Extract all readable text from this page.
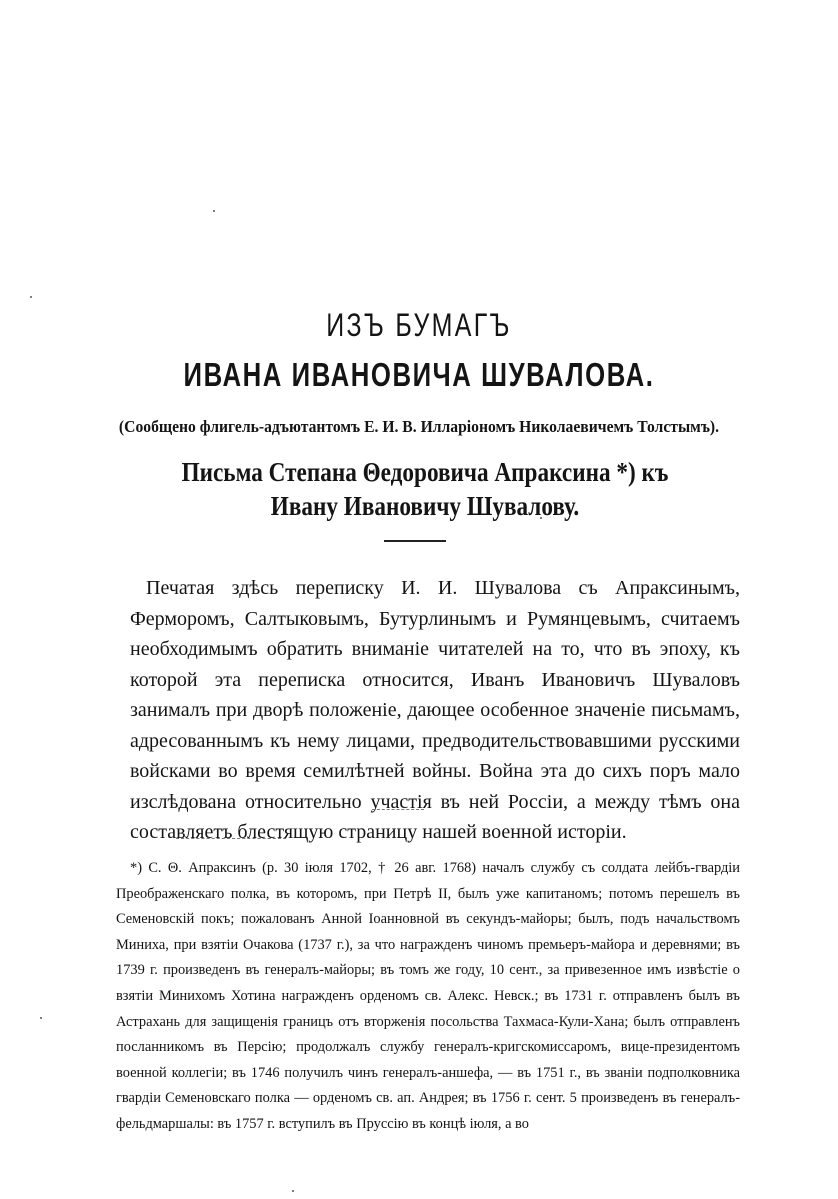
ИЗЪ БУМАГЪ
ИВАНА ИВАНОВИЧА ШУВАЛОВА.
(Сообщено флигель-адъютантомъ Е. И. В. Илларiономъ Николаевичемъ Толстымъ).
Письма Степана Θедоровича Апраксина *) къ Ивану Ивановичу Шувалову.
Печатая здѣсь переписку И. И. Шувалова съ Апраксинымъ, Ферморомъ, Салтыковымъ, Бутурлинымъ и Румянцевымъ, считаемъ необходимымъ обратить вниманiе читателей на то, что въ эпоху, къ которой эта переписка относится, Иванъ Ивановичъ Шуваловъ занималъ при дворѣ положенiе, дающее особенное значенiе письмамъ, адресованнымъ къ нему лицами, предводительствовавшими русскими войсками во время семилѣтней войны. Война эта до сихъ поръ мало изслѣдована относительно участiя въ ней Россiи, а между тѣмъ она составляетъ блестящую страницу нашей военной исторiи.
*) С. Θ. Апраксинъ (р. 30 iюля 1702, † 26 авг. 1768) началъ службу съ солдата лейбъ-гвардiи Преображенскаго полка, въ которомъ, при Петрѣ II, былъ уже капитаномъ; потомъ перешелъ въ Семеновскiй покъ; пожалованъ Анной Iоанновной въ секундъ-майоры; былъ, подъ начальствомъ Миниха, при взятiи Очакова (1737 г.), за что награжденъ чиномъ премьеръ-майора и деревнями; въ 1739 г. произведенъ въ генералъ-майоры; въ томъ же году, 10 сент., за привезенное имъ извѣстiе о взятiи Минихомъ Хотина награжденъ орденомъ св. Алекс. Невск.; въ 1731 г. отправленъ былъ въ Астрахань для защищенiя границъ отъ вторженiя посольства Тахмаса-Кули-Хана; былъ отправленъ посланникомъ въ Персiю; продолжалъ службу генералъ-кригскомиссаромъ, вице-президентомъ военной коллегiи; въ 1746 получилъ чинъ генералъ-аншефа, — въ 1751 г., въ званiи подполковника гвардiи Семеновскаго полка — орденомъ св. ап. Андрея; въ 1756 г. сент. 5 произведенъ въ генералъ-фельдмаршалы: въ 1757 г. вступилъ въ Пруссiю въ концѣ iюля, а во
